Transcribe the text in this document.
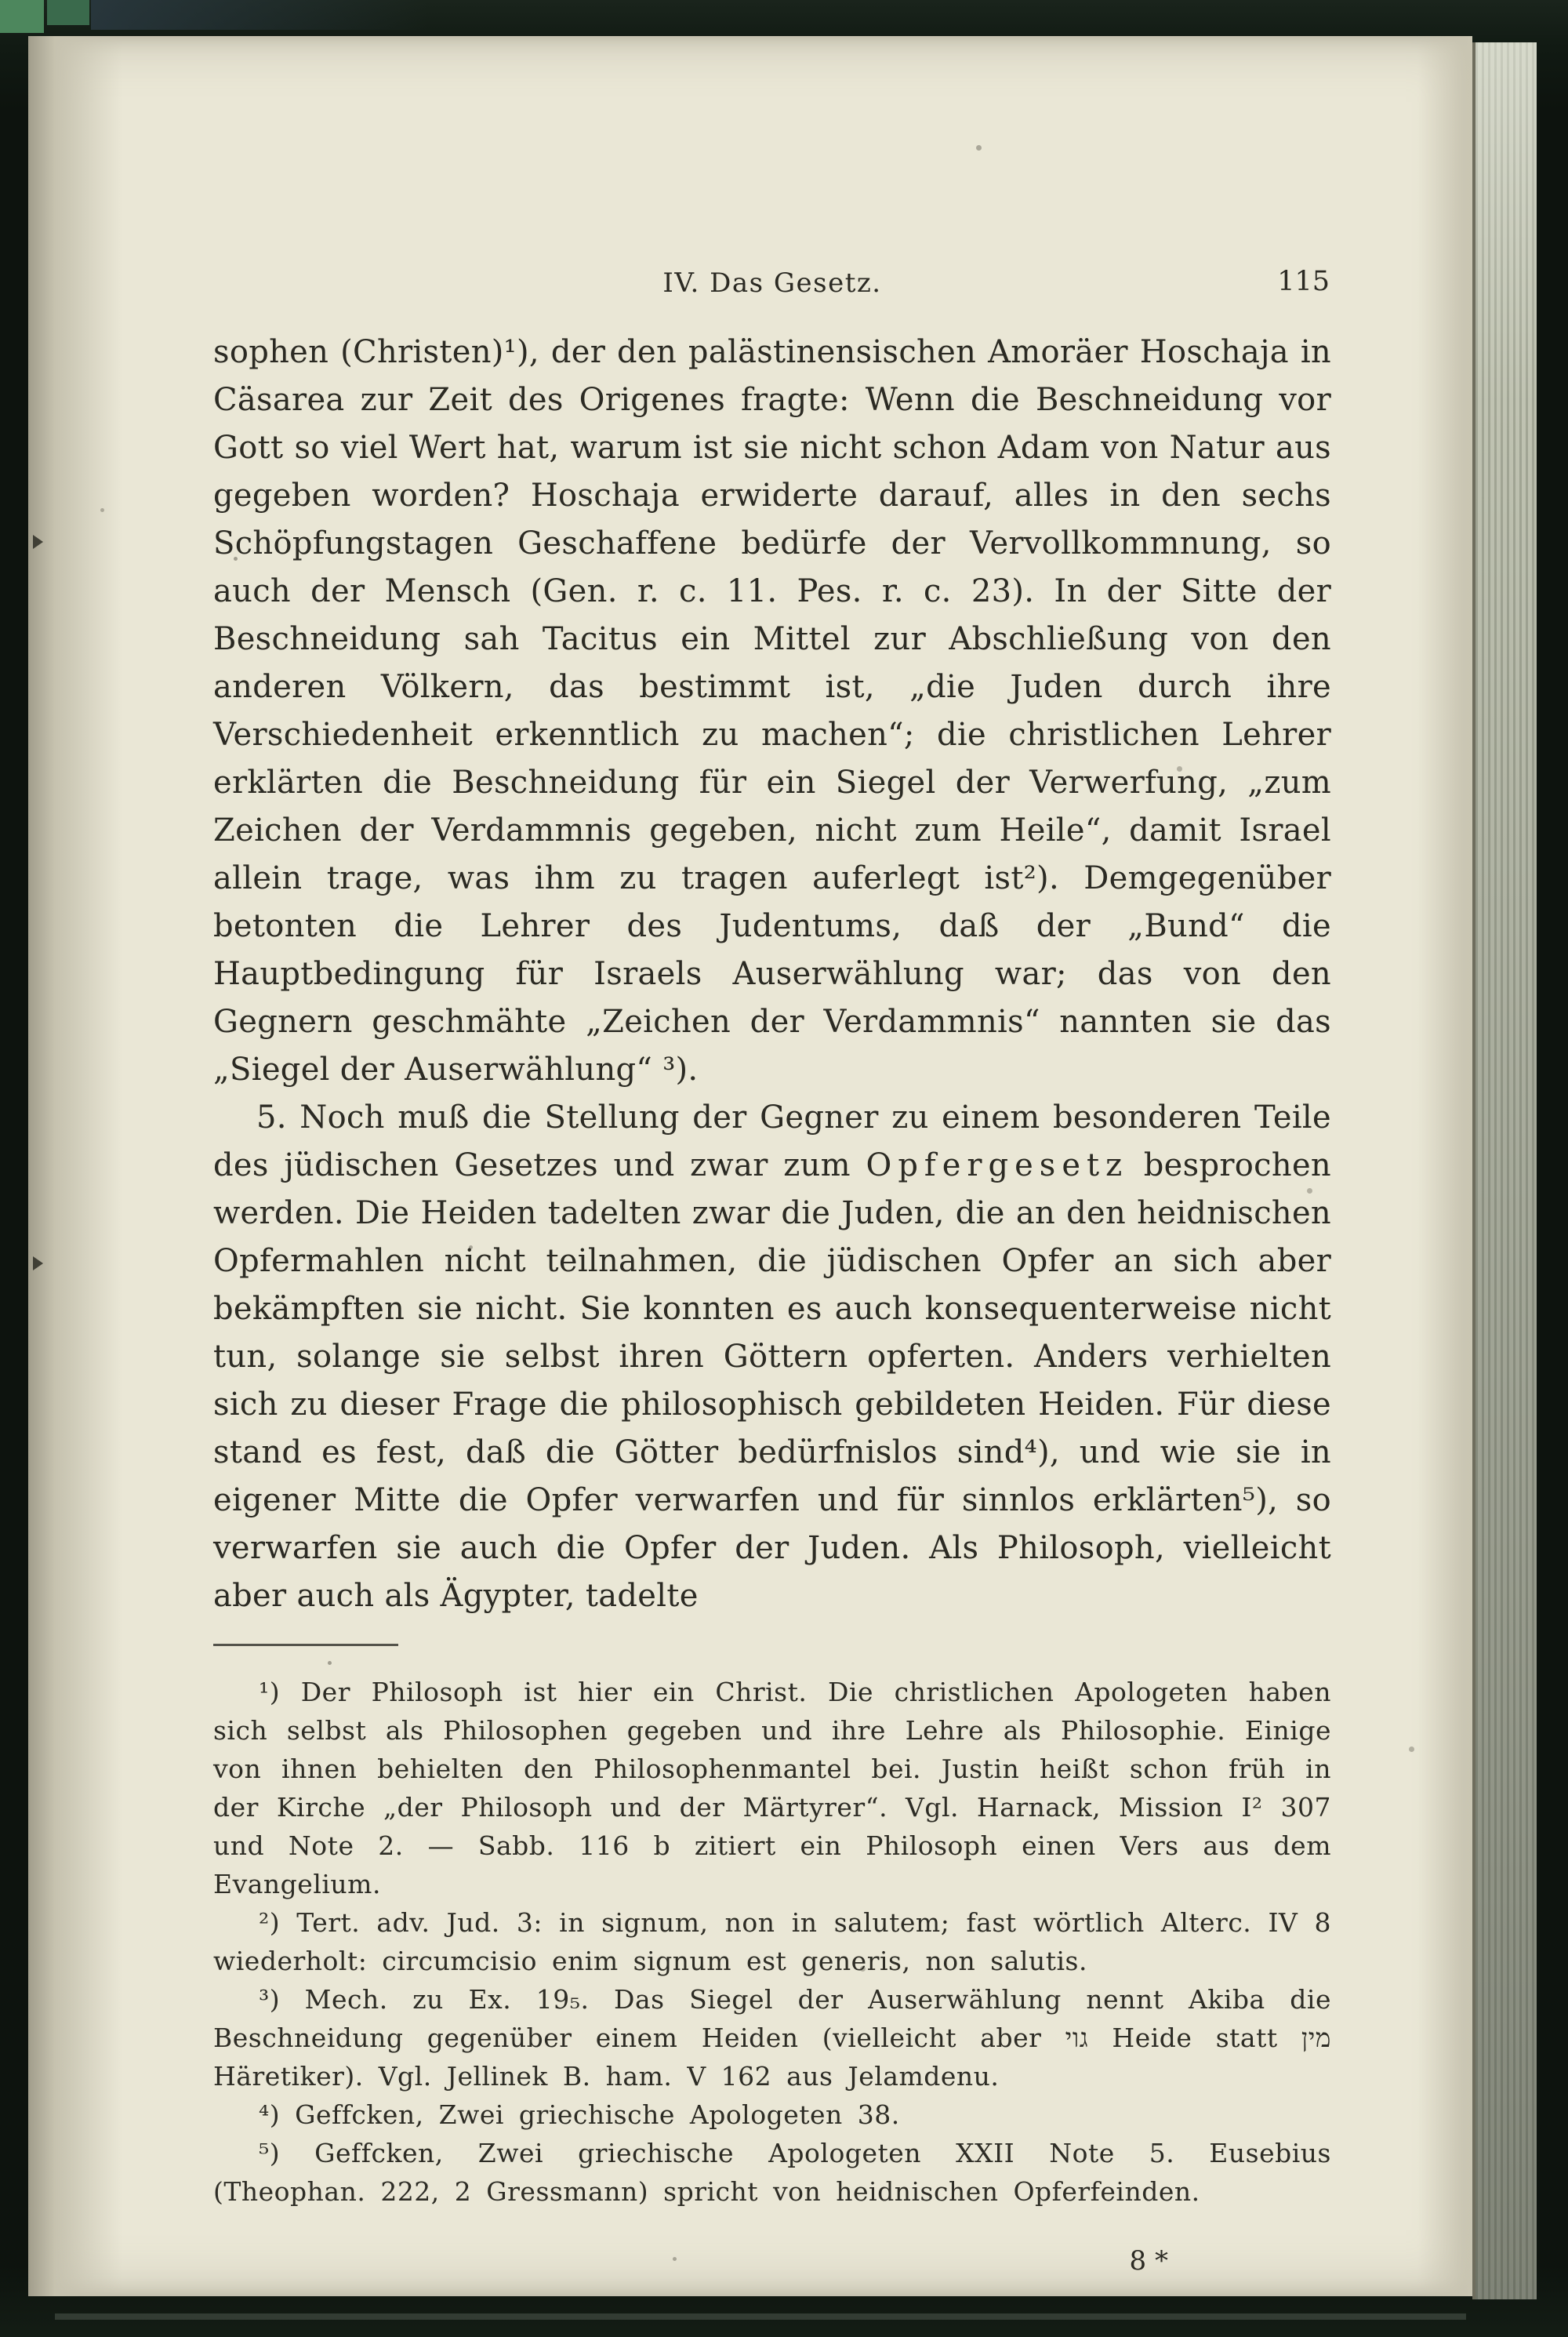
IV. Das Gesetz.	115

sophen (Christen)¹), der den palästinensischen Amoräer Hoschaja in Cäsarea zur Zeit des Origenes fragte: Wenn die Beschneidung vor Gott so viel Wert hat, warum ist sie nicht schon Adam von Natur aus gegeben worden? Hoschaja erwiderte darauf, alles in den sechs Schöpfungstagen Geschaffene bedürfe der Vervollkommnung, so auch der Mensch (Gen. r. c. 11. Pes. r. c. 23). In der Sitte der Beschneidung sah Tacitus ein Mittel zur Abschließung von den anderen Völkern, das bestimmt ist, „die Juden durch ihre Verschiedenheit erkenntlich zu machen“; die christlichen Lehrer erklärten die Beschneidung für ein Siegel der Verwerfung, „zum Zeichen der Verdammnis gegeben, nicht zum Heile“, damit Israel allein trage, was ihm zu tragen auferlegt ist²). Demgegenüber betonten die Lehrer des Judentums, daß der „Bund“ die Hauptbedingung für Israels Auserwählung war; das von den Gegnern geschmähte „Zeichen der Verdammnis“ nannten sie das „Siegel der Auserwählung“ ³).

5. Noch muß die Stellung der Gegner zu einem besonderen Teile des jüdischen Gesetzes und zwar zum Opfergesetz besprochen werden. Die Heiden tadelten zwar die Juden, die an den heidnischen Opfermahlen nicht teilnahmen, die jüdischen Opfer an sich aber bekämpften sie nicht. Sie konnten es auch konsequenterweise nicht tun, solange sie selbst ihren Göttern opferten. Anders verhielten sich zu dieser Frage die philosophisch gebildeten Heiden. Für diese stand es fest, daß die Götter bedürfnislos sind⁴), und wie sie in eigener Mitte die Opfer verwarfen und für sinnlos erklärten⁵), so verwarfen sie auch die Opfer der Juden. Als Philosoph, vielleicht aber auch als Ägypter, tadelte

¹) Der Philosoph ist hier ein Christ. Die christlichen Apologeten haben sich selbst als Philosophen gegeben und ihre Lehre als Philosophie. Einige von ihnen behielten den Philosophenmantel bei. Justin heißt schon früh in der Kirche „der Philosoph und der Märtyrer“. Vgl. Harnack, Mission I² 307 und Note 2. — Sabb. 116 b zitiert ein Philosoph einen Vers aus dem Evangelium.

²) Tert. adv. Jud. 3: in signum, non in salutem; fast wörtlich Alterc. IV 8 wiederholt: circumcisio enim signum est generis, non salutis.

³) Mech. zu Ex. 19₅. Das Siegel der Auserwählung nennt Akiba die Beschneidung gegenüber einem Heiden (vielleicht aber גוי Heide statt מין Häretiker). Vgl. Jellinek B. ham. V 162 aus Jelamdenu.

⁴) Geffcken, Zwei griechische Apologeten 38.

⁵) Geffcken, Zwei griechische Apologeten XXII Note 5. Eusebius (Theophan. 222, 2 Gressmann) spricht von heidnischen Opferfeinden.

8 *
